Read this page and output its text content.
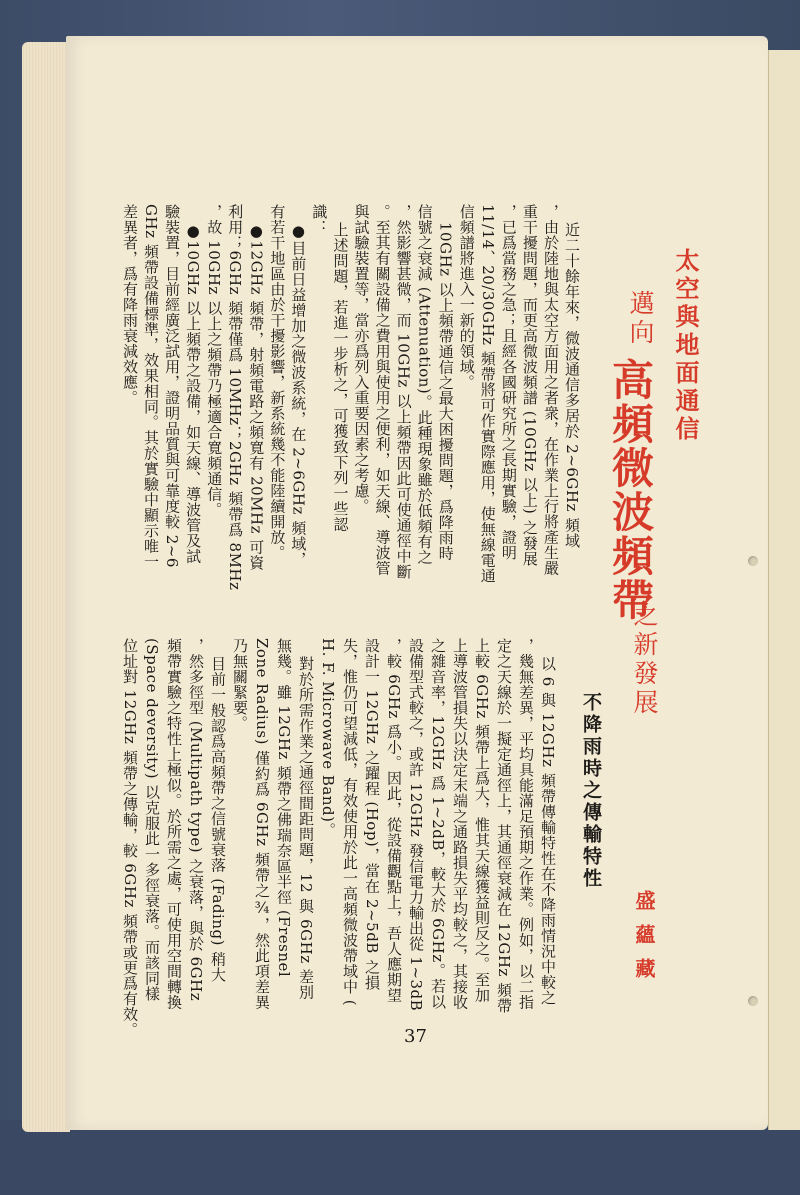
太空與地面通信
邁向
高頻微波頻帶
之新發展
盛蘊藏
近二十餘年來，微波通信多居於 2~6GHz 頻域
，由於陸地與太空方面用之者衆，在作業上行將產生嚴
重干擾問題，而更高微波頻譜 (10GHz 以上) 之發展
，已爲當務之急；且經各國研究所之長期實驗，證明
11/14、20/30GHz 頻帶將可作實際應用，使無線電通
信頻譜將進入一新的領域。
10GHz 以上頻帶通信之最大困擾問題，爲降雨時
信號之衰減 (Attenuation)。此種現象雖於低頻有之
，然影響甚微，而 10GHz 以上頻帶因此可使通徑中斷
。至其有關設備之費用與使用之便利，如天線、導波管
與試驗裝置等，當亦爲列入重要因素之考慮。
上述問題，若進一步析之，可獲致下列一些認
識：
●目前日益增加之微波系統，在 2~6GHz 頻域，
有若干地區由於干擾影響，新系統幾不能陸續開放。
●12GHz 頻帶，射頻電路之頻寬有 20MHz 可資
利用；6GHz 頻帶僅爲 10MHz；2GHz 頻帶爲 8MHz
，故 10GHz 以上之頻帶乃極適合寬頻通信。
●10GHz 以上頻帶之設備，如天線、導波管及試
驗裝置，目前經廣泛試用，證明品質與可靠度較 2~6
GHz 頻帶設備標準，效果相同。其於實驗中顯示唯一
差異者，爲有降雨衰減效應。
不降雨時之傳輸特性
以 6 與 12GHz 頻帶傳輸特性在不降雨情況中較之
，幾無差異，平均具能滿足預期之作業。例如，以二指
定之天線於一擬定通徑上，其通徑衰減在 12GHz 頻帶
上較 6GHz 頻帶上爲大，惟其天線獲益則反之。至加
上導波管損失以決定末端之通路損失平均較之，其接收
之雜音率，12GHz 爲 1~2dB，較大於 6GHz。若以
設備型式較之，或許 12GHz 發信電力輸出從 1~3dB
，較 6GHz 爲小。因此，從設備觀點上，吾人應期望
設計一 12GHz 之躍程 (Hop)，當在 2~5dB 之損
失，惟仍可望減低，有效使用於此一高頻微波帶域中 (
H. F. Microwave Band)。
對於所需作業之通徑間距問題，12 與 6GHz 差別
無幾。雖 12GHz 頻帶之佛瑞奈區半徑 (Fresnel
Zone Radius) 僅約爲 6GHz 頻帶之¾，然此項差異
乃無關緊要。
目前一般認爲高頻帶之信號衰落 (Fading) 稍大
，然多徑型 (Multipath type) 之衰落，與於 6GHz
頻帶實驗之特性上極似。於所需之處，可使用空間轉換
(Space deversity) 以克服此一多徑衰落。而該同樣
位址對 12GHz 頻帶之傳輸，較 6GHz 頻帶或更爲有效。	37
